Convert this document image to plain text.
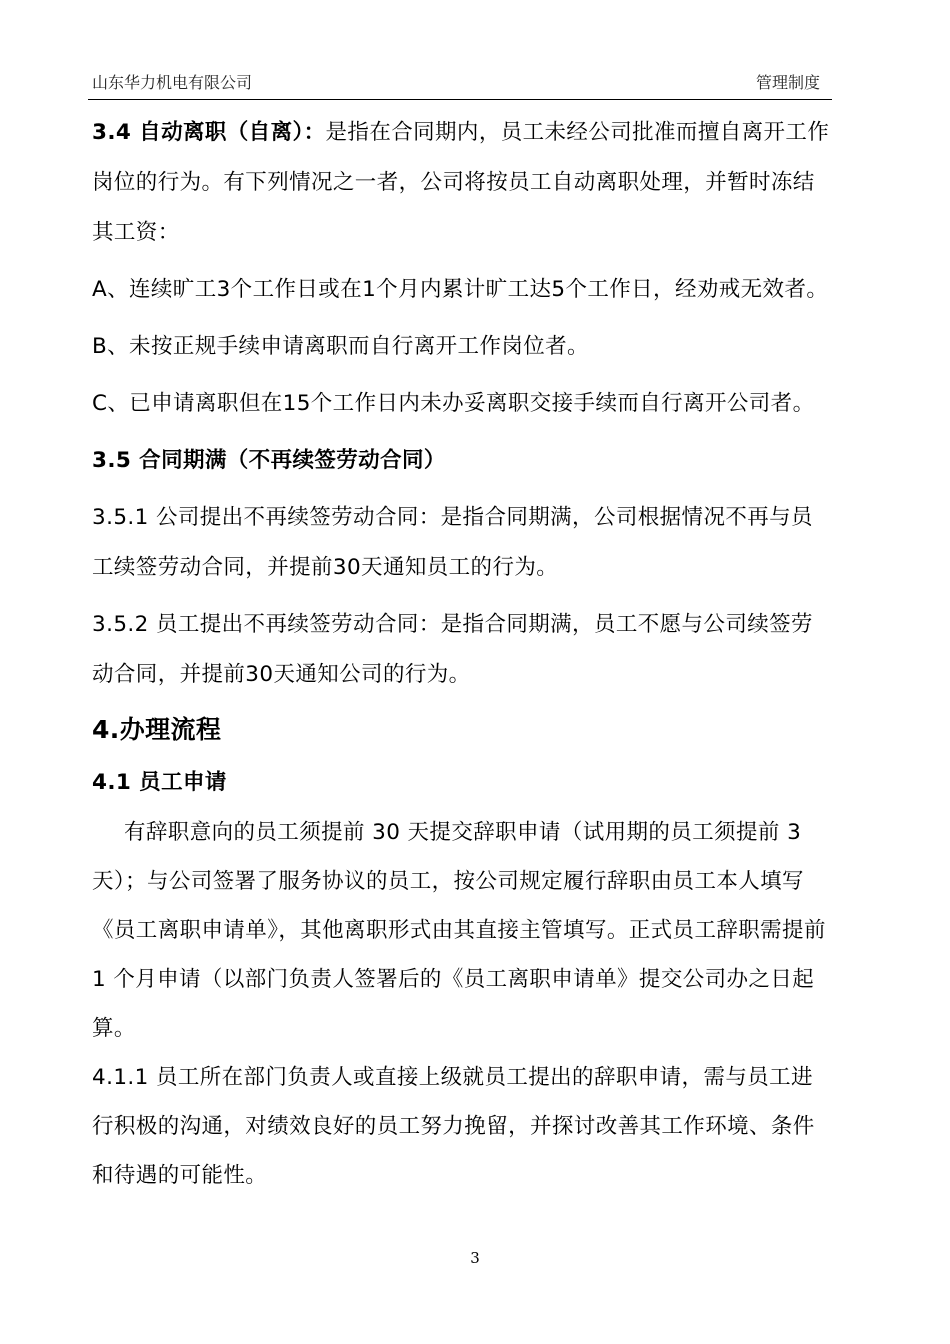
山东华力机电有限公司	管理制度

3.4 自动离职（自离）：是指在合同期内，员工未经公司批准而擅自离开工作岗位的行为。有下列情况之一者，公司将按员工自动离职处理，并暂时冻结其工资：

A、连续旷工3个工作日或在1个月内累计旷工达5个工作日，经劝戒无效者。

B、未按正规手续申请离职而自行离开工作岗位者。

C、已申请离职但在15个工作日内未办妥离职交接手续而自行离开公司者。

3.5 合同期满（不再续签劳动合同）

3.5.1 公司提出不再续签劳动合同：是指合同期满，公司根据情况不再与员工续签劳动合同，并提前30天通知员工的行为。

3.5.2 员工提出不再续签劳动合同：是指合同期满，员工不愿与公司续签劳动合同，并提前30天通知公司的行为。

4.办理流程

4.1 员工申请

有辞职意向的员工须提前 30 天提交辞职申请（试用期的员工须提前 3 天）；与公司签署了服务协议的员工，按公司规定履行辞职由员工本人填写《员工离职申请单》，其他离职形式由其直接主管填写。正式员工辞职需提前 1 个月申请（以部门负责人签署后的《员工离职申请单》提交公司办之日起算。

4.1.1 员工所在部门负责人或直接上级就员工提出的辞职申请，需与员工进行积极的沟通，对绩效良好的员工努力挽留，并探讨改善其工作环境、条件和待遇的可能性。

3
